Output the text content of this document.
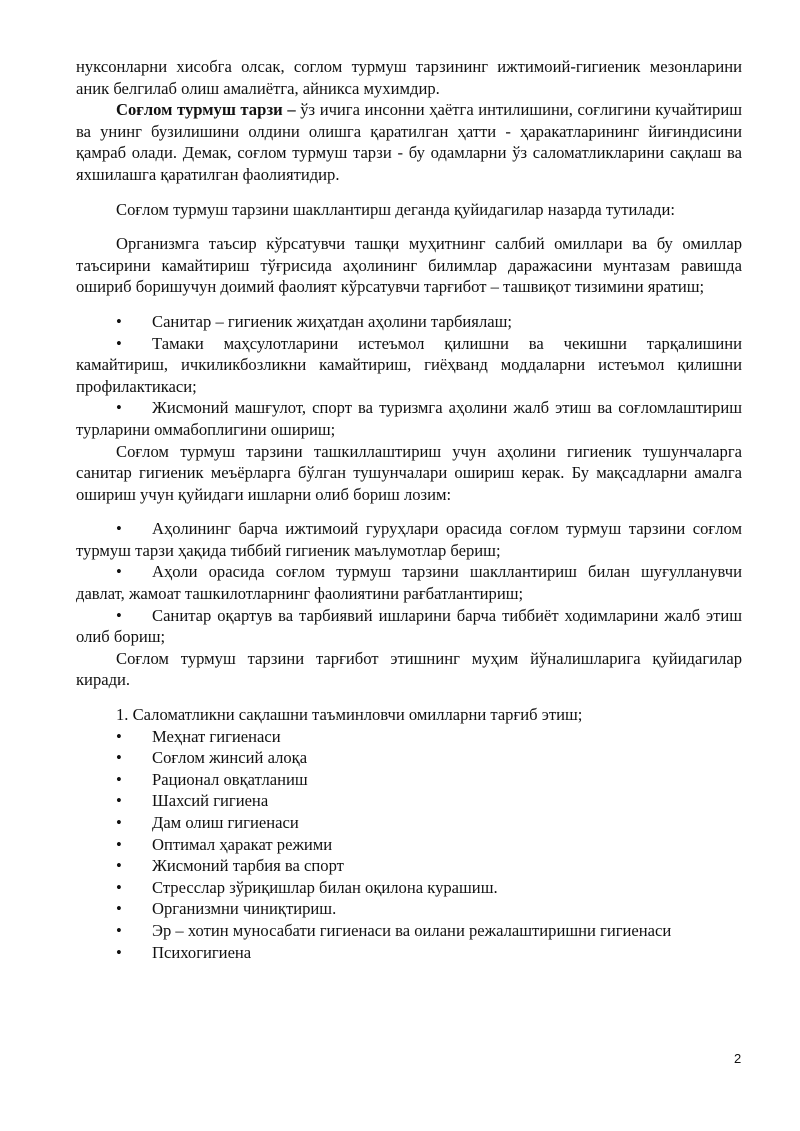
нуксонларни хисобга олсак, соглом турмуш тарзининг ижтимоий-гигиеник мезонларини аник белгилаб олиш амалиётга, айникса мухимдир.

Соғлом турмуш тарзи – ўз ичига инсонни ҳаётга интилишини, соғлигини кучайтириш ва унинг бузилишини олдини олишга қаратилган ҳатти - ҳаракатларининг йиғиндисини қамраб олади. Демак, соғлом турмуш тарзи - бу одамларни ўз саломатликларини сақлаш ва яхшилашга қаратилган фаолиятидир.

Соғлом турмуш тарзини шакллантирш деганда қуйидагилар назарда тутилади:

Организмга таъсир кўрсатувчи ташқи муҳитнинг салбий омиллари ва бу омиллар таъсирини камайтириш тўғрисида аҳолининг билимлар даражасини мунтазам равишда ошириб боришучун доимий фаолият кўрсатувчи тарғибот – ташвиқот тизимини яратиш;

• Санитар – гигиеник жиҳатдан аҳолини тарбиялаш;

• Тамаки маҳсулотларини истеъмол қилишни ва чекишни тарқалишини камайтириш, ичкиликбозликни камайтириш, гиёҳванд моддаларни истеъмол қилишни профилактикаси;

• Жисмоний машғулот, спорт ва туризмга аҳолини жалб этиш ва соғломлаштириш турларини оммабоплигини ошириш;

Соғлом турмуш тарзини ташкиллаштириш учун аҳолини гигиеник тушунчаларга санитар гигиеник меъёрларга бўлган тушунчалари ошириш керак. Бу мақсадларни амалга ошириш учун қуйидаги ишларни олиб бориш лозим:

• Аҳолининг барча ижтимоий гуруҳлари орасида соғлом турмуш тарзини соғлом турмуш тарзи ҳақида тиббий гигиеник маълумотлар бериш;

• Аҳоли орасида соғлом турмуш тарзини шакллантириш билан шуғулланувчи давлат, жамоат ташкилотларнинг фаолиятини рағбатлантириш;

• Санитар оқартув ва тарбиявий ишларини барча тиббиёт ходимларини жалб этиш олиб бориш;

Соғлом турмуш тарзини тарғибот этишнинг муҳим йўналишларига қуйидагилар киради.

1. Саломатликни сақлашни таъминловчи омилларни тарғиб этиш;

• Меҳнат гигиенаси
• Соғлом жинсий алоқа
• Рационал овқатланиш
• Шахсий гигиена
• Дам олиш гигиенаси
• Оптимал ҳаракат режими
• Жисмоний тарбия ва спорт
• Стресслар зўриқишлар билан оқилона курашиш.
• Организмни чиниқтириш.

• Эр – хотин муносабати гигиенаси ва оилани режалаштиришни гигиенаси

• Психогигиена
2
